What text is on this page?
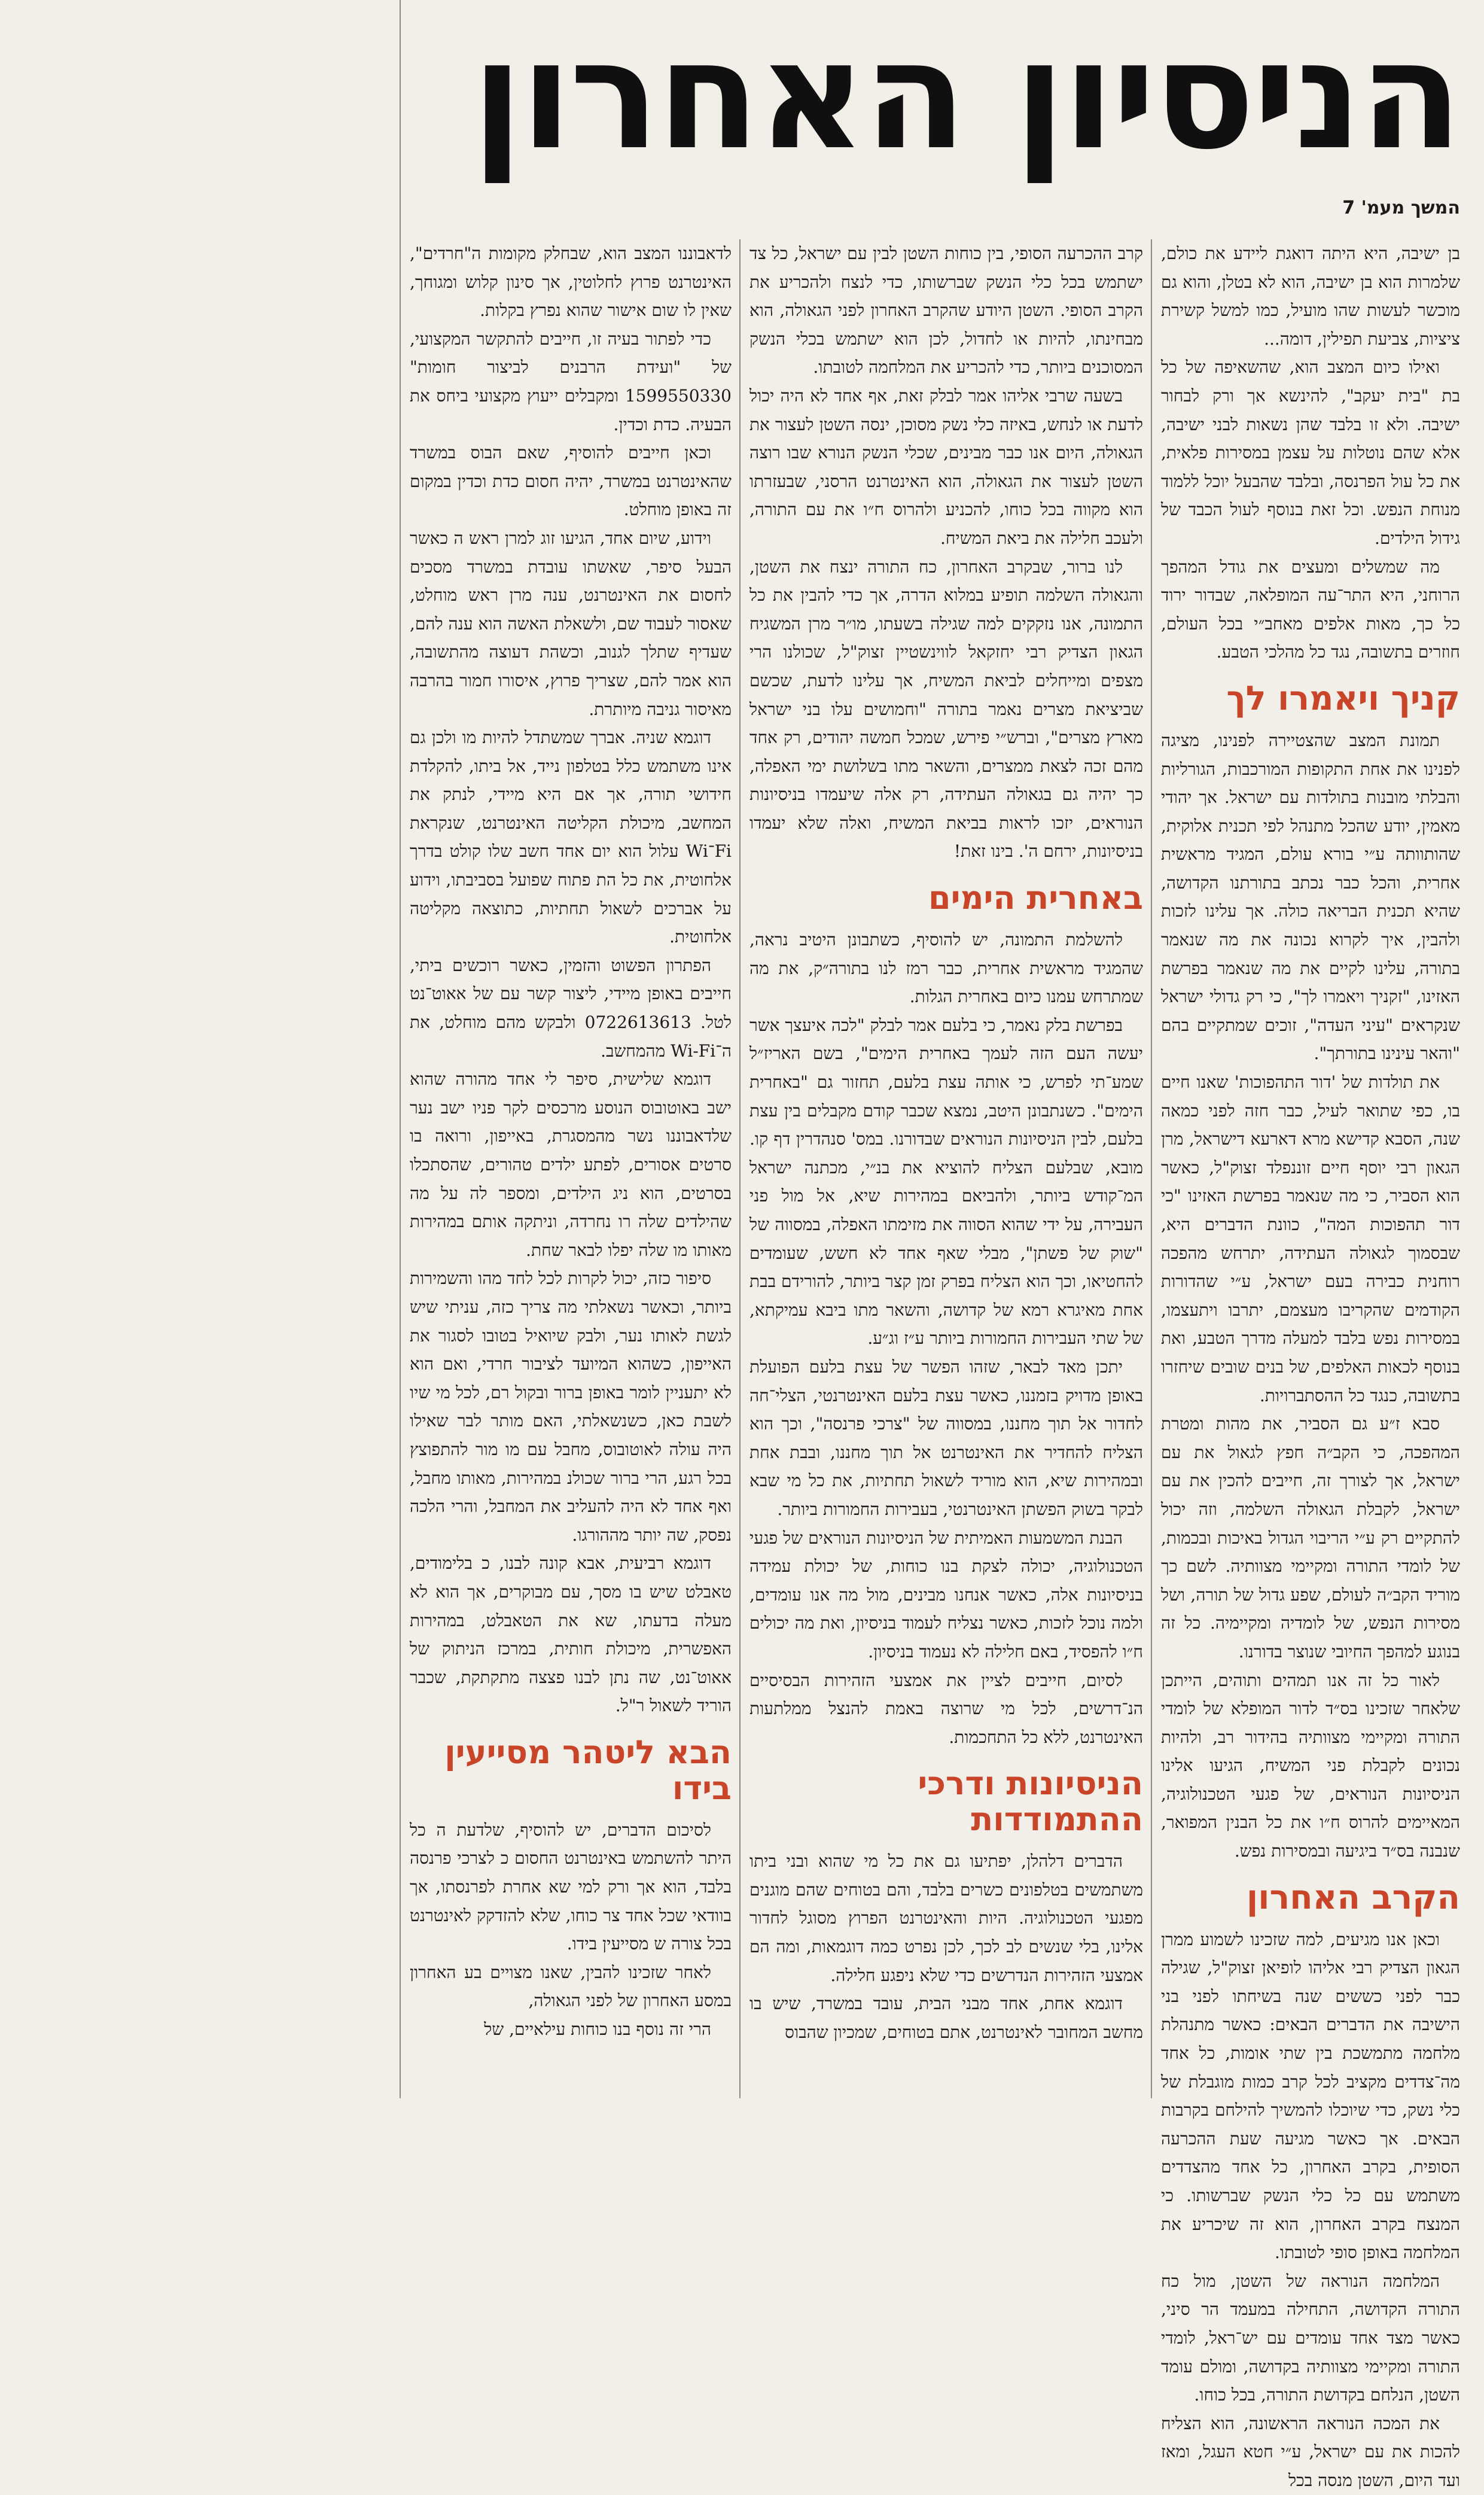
הניסיון האחרון
המשך מעמ' 7

בן ישיבה, היא היתה דואגת ליידע את כולם, שלמרות הוא בן ישיבה, הוא לא בטלן, והוא גם מוכשר לעשות שהו מועיל, כמו למשל קשירת ציציות, צביעת תפילין, דומה...

ואילו כיום המצב הוא, שהשאיפה של כל בת "בית יעקב", להינשא אך ורק לבחור ישיבה. ולא זו בלבד שהן נשאות לבני ישיבה, אלא שהם נוטלות על עצמן במסירות פלאית, את כל עול הפרנסה, ובלבד שהבעל יוכל ללמוד מנוחת הנפש. וכל זאת בנוסף לעול הכבד של גידול הילדים.

מה שמשלים ומעצים את גודל המהפך הרוחני, היא התר־עה המופלאה, שבדור ירוד כל כך, מאות אלפים מאחב״י בכל העולם, חוזרים בתשובה, נגד כל מהלכי הטבע.

קניך ויאמרו לך

תמונת המצב שהצטיירה לפנינו, מציגה לפנינו את אחת התקופות המורכבות, הגורליות והבלתי מובנות בתולדות עם ישראל. אך יהודי מאמין, יודע שהכל מתנהל לפי תכנית אלוקית, שהותוותה ע״י בורא עולם, המגיד מראשית אחרית, והכל כבר נכתב בתורתנו הקדושה, שהיא תכנית הבריאה כולה. אך עלינו לזכות ולהבין, איך לקרוא נכונה את מה שנאמר בתורה, עלינו לקיים את מה שנאמר בפרשת האזינו, "זקניך ויאמרו לך", כי רק גדולי ישראל שנקראים "עיני העדה", זוכים שמתקיים בהם "והאר עינינו בתורתך".

את תולדות של 'דור התהפוכות' שאנו חיים בו, כפי שתואר לעיל, כבר חזה לפני כמאה שנה, הסבא קדישא מרא דארעא דישראל, מרן הגאון רבי יוסף חיים זוננפלד זצוק"ל, כאשר הוא הסביר, כי מה שנאמר בפרשת האזינו "כי דור תהפוכות המה", כוונת הדברים היא, שבסמוך לגאולה העתידה, יתרחש מהפכה רוחנית כבירה בעם ישראל, ע״י שהדורות הקודמים שהקריבו מעצמם, יתרבו ויתעצמו, במסירות נפש בלבד למעלה מדרך הטבע, ואת בנוסף לכאות האלפים, של בנים שובים שיחזרו בתשובה, כנגד כל ההסתברויות.

סבא ז״ע גם הסביר, את מהות ומטרת המהפכה, כי הקב״ה חפץ לגאול את עם ישראל, אך לצורך זה, חייבים להכין את עם ישראל, לקבלת הגאולה השלמה, וזה יכול להתקיים רק ע״י הריבוי הגדול באיכות ובכמות, של לומדי התורה ומקיימי מצוותיה. לשם כך מוריד הקב״ה לעולם, שפע גדול של תורה, ושל מסירות הנפש, של לומדיה ומקיימיה. כל זה בנוגע למהפך החיובי שנוצר בדורנו.

לאור כל זה אנו תמהים ותוהים, הייתכן שלאחר שזכינו בס״ד לדור המופלא של לומדי התורה ומקיימי מצוותיה בהידור רב, ולהיות נכונים לקבלת פני המשיח, הגיעו אלינו הניסיונות הנוראים, של פגעי הטכנולוגיה, המאיימים להרוס ח״ו את כל הבנין המפואר, שנבנה בס״ד ביגיעה ובמסירות נפש.

הקרב האחרון

וכאן אנו מגיעים, למה שזכינו לשמוע ממרן הגאון הצדיק רבי אליהו לופיאן זצוק"ל, שגילה כבר לפני כששים שנה בשיחתו לפני בני הישיבה את הדברים הבאים: כאשר מתנהלת מלחמה מתמשכת בין שתי אומות, כל אחד מה־צדדים מקציב לכל קרב כמות מוגבלת של כלי נשק, כדי שיוכלו להמשיך להילחם בקרבות הבאים. אך כאשר מגיעה שעת ההכרעה הסופית, בקרב האחרון, כל אחד מהצדדים משתמש עם כל כלי הנשק שברשותו. כי המנצח בקרב האחרון, הוא זה שיכריע את המלחמה באופן סופי לטובתו.

המלחמה הנוראה של השטן, מול כח התורה הקדושה, התחילה במעמד הר סיני, כאשר מצד אחד עומדים עם יש־ראל, לומדי התורה ומקיימי מצוותיה בקדושה, ומולם עומד השטן, הנלחם בקדושת התורה, בכל כוחו.

את המכה הנוראה הראשונה, הוא הצליח להכות את עם ישראל, ע״י חטא העגל, ומאז ועד היום, השטן מנסה בכל

קרב ההכרעה הסופי, בין כוחות השטן לבין עם ישראל, כל צד ישתמש בכל כלי הנשק שברשותו, כדי לנצח ולהכריע את הקרב הסופי. השטן היודע שהקרב האחרון לפני הגאולה, הוא מבחינתו, להיות או לחדול, לכן הוא ישתמש בכלי הנשק המסוכנים ביותר, כדי להכריע את המלחמה לטובתו.

בשעה שרבי אליהו אמר לבלק זאת, אף אחד לא היה יכול לדעת או לנחש, באיזה כלי נשק מסוכן, ינסה השטן לעצור את הגאולה, היום אנו כבר מבינים, שכלי הנשק הנורא שבו רוצה השטן לעצור את הגאולה, הוא האינטרנט הרסני, שבעזרתו הוא מקווה בכל כוחו, להכניע ולהרוס ח״ו את עם התורה, ולעכב חלילה את ביאת המשיח.

לנו ברור, שבקרב האחרון, כח התורה ינצח את השטן, והגאולה השלמה תופיע במלוא הדרה, אך כדי להבין את כל התמונה, אנו נזקקים למה שגילה בשעתו, מו״ר מרן המשגיח הגאון הצדיק רבי יחזקאל לווינשטיין זצוק"ל, שכולנו הרי מצפים ומייחלים לביאת המשיח, אך עלינו לדעת, שכשם שביציאת מצרים נאמר בתורה "וחמושים עלו בני ישראל מארץ מצרים", וברש״י פירש, שמכל חמשה יהודים, רק אחד מהם זכה לצאת ממצרים, והשאר מתו בשלושת ימי האפלה, כך יהיה גם בגאולה העתידה, רק אלה שיעמדו בניסיונות הנוראים, יזכו לראות בביאת המשיח, ואלה שלא יעמדו בניסיונות, ירחם ה'. בינו זאת!

באחרית הימים

להשלמת התמונה, יש להוסיף, כשתבונן היטיב נראה, שהמגיד מראשית אחרית, כבר רמז לנו בתורה״ק, את מה שמתרחש עמנו כיום באחרית הגלות.

בפרשת בלק נאמר, כי בלעם אמר לבלק "לכה איעצך אשר יעשה העם הזה לעמך באחרית הימים", בשם האריז״ל שמע־תי לפרש, כי אותה עצת בלעם, תחזור גם "באחרית הימים". כשנתבונן היטב, נמצא שכבר קודם מקבלים בין עצת בלעם, לבין הניסיונות הנוראים שבדורנו. במס' סנהדרין דף קו. מובא, שבלעם הצליח להוציא את בנ״י, מכתנה ישראל המ־קודש ביותר, ולהביאם במהירות שיא, אל מול פני העבירה, על ידי שהוא הסווה את מזימתו האפלה, במסווה של "שוק של פשתן", מבלי שאף אחד לא חשש, שעומדים להחטיאו, וכך הוא הצליח בפרק זמן קצר ביותר, להורידם בבת אחת מאיגרא רמא של קדושה, והשאר מתו ביבא עמיקתא, של שתי העבירות החמורות ביותר ע״ז וג״ע.

יתכן מאד לבאר, שזהו הפשר של עצת בלעם הפועלת באופן מדויק בזמננו, כאשר עצת בלעם האינטרנטי, הצלי־חה לחדור אל תוך מחננו, במסווה של "צרכי פרנסה", וכך הוא הצליח להחדיר את האינטרנט אל תוך מחננו, ובבת אחת ובמהירות שיא, הוא מוריד לשאול תחתיות, את כל מי שבא לבקר בשוק הפשתן האינטרנטי, בעבירות החמורות ביותר.

הבנת המשמעות האמיתית של הניסיונות הנוראים של פגעי הטכנולוגיה, יכולה לצקת בנו כוחות, של יכולת עמידה בניסיונות אלה, כאשר אנחנו מבינים, מול מה אנו עומדים, ולמה נוכל לזכות, כאשר נצליח לעמוד בניסיון, ואת מה יכולים ח״ו להפסיד, באם חלילה לא נעמוד בניסיון.

לסיום, חייבים לציין את אמצעי הזהירות הבסיסיים הנ־דרשים, לכל מי שרוצה באמת להנצל ממלתעות האינטרנט, ללא כל התחכמות.

הניסיונות ודרכי ההתמודדות

הדברים דלהלן, יפתיעו גם את כל מי שהוא ובני ביתו משתמשים בטלפונים כשרים בלבד, והם בטוחים שהם מוגנים מפגעי הטכנולוגיה. היות והאינטרנט הפרוץ מסוגל לחדור אלינו, בלי שנשים לב לכך, לכן נפרט כמה דוגמאות, ומה הם אמצעי הזהירות הנדרשים כדי שלא ניפגע חלילה.

דוגמא אחת, אחד מבני הבית, עובד במשרד, שיש בו מחשב המחובר לאינטרנט, אתם בטוחים, שמכיון שהבוס

לדאבוננו המצב הוא, שבחלק מקומות ה"חרדים", האינטרנט פרוץ לחלוטין, אך סינון קלוש ומגוחך, שאין לו שום אישור שהוא נפרץ בקלות.

כדי לפתור בעיה זו, חייבים להתקשר המקצועי, של "ועידת הרבנים לביצור חומות" 1599550330 ומקבלים ייעוץ מקצועי ביחס את הבעיה. כדת וכדין.

וכאן חייבים להוסיף, שאם הבוס במשרד שהאינטרנט במשרד, יהיה חסום כדת וכדין במקום זה באופן מוחלט.

וידוע, שיום אחד, הגיעו זוג למרן ראש ה כאשר הבעל סיפר, שאשתו עובדת במשרד מסכים לחסום את האינטרנט, ענה מרן ראש מוחלט, שאסור לעבוד שם, ולשאלת האשה הוא ענה להם, שעדיף שתלך לגנוב, וכשהת דעוצה מהתשובה, הוא אמר להם, שצריך פרוץ, איסורו חמור בהרבה מאיסור גניבה מיותרת.

דוגמא שניה. אברך שמשתדל להיות מו ולכן גם אינו משתמש כלל בטלפון נייד, אל ביתו, להקלדת חידושי תורה, אך אם היא מיידי, לנתק את המחשב, מיכולת הקליטה האינטרנט, שנקראת Fi־Wi עלול הוא יום אחד חשב שלו קולט בדרך אלחוטית, את כל הת פתוח שפועל בסביבתו, וידוע על אברכים לשאול תחתיות, כתוצאה מקליטה אלחוטית.

הפתרון הפשוט והזמין, כאשר רוכשים ביתי, חייבים באופן מיידי, ליצור קשר עם של אאוט־נט לטל. 0722613613 ולבקש מהם מוחלט, את ה־Wi-Fi מהמחשב.

דוגמא שלישית, סיפר לי אחד מהורה שהוא ישב באוטובוס הנוסע מרכסים לקר פניו ישב נער שלדאבוננו נשר מהמסגרת, באייפון, ורואה בו סרטים אסורים, לפתע ילדים טהורים, שהסתכלו בסרטים, הוא ניג הילדים, ומספר לה על מה שהילדים שלה רו נחרדה, וניתקה אותם במהירות מאותו מו שלה יפלו לבאר שחת.

סיפור כזה, יכול לקרות לכל לחד מהו והשמירות ביותר, וכאשר נשאלתי מה צריך כזה, עניתי שיש לגשת לאותו נער, ולבק שיואיל בטובו לסגור את האייפון, כשהוא המיועד לציבור חרדי, ואם הוא לא יתעניין לומר באופן ברור ובקול רם, לכל מי שיו לשבת כאן, כשנשאלתי, האם מותר לבר שאילו היה עולה לאוטובוס, מחבל עם מו מור להתפוצץ בכל רגע, הרי ברור שכולנ במהירות, מאותו מחבל, ואף אחד לא היה להעליב את המחבל, והרי הלכה נפסק, שה יותר מההורגו.

דוגמא רביעית, אבא קונה לבנו, כ בלימודים, טאבלט שיש בו מסך, עם מבוקרים, אך הוא לא מעלה בדעתו, שא את הטאבלט, במהירות האפשרית, מיכולת חותית, במרכז הניתוק של אאוט־נט, שה נתן לבנו פצצה מתקתקת, שכבר הוריד לשאול ר"ל.

הבא ליטהר מסייעין בידו

לסיכום הדברים, יש להוסיף, שלדעת ה כל היתר להשתמש באינטרנט החסום כ לצרכי פרנסה בלבד, הוא אך ורק למי שא אחרת לפרנסתו, אך בוודאי שכל אחד צר כוחו, שלא להזדקק לאינטרנט בכל צורה ש מסייעין בידו.

לאחר שזכינו להבין, שאנו מצויים בע האחרון במסע האחרון של לפני הגאולה,

הרי זה נוסף בנו כוחות עילאיים, של
